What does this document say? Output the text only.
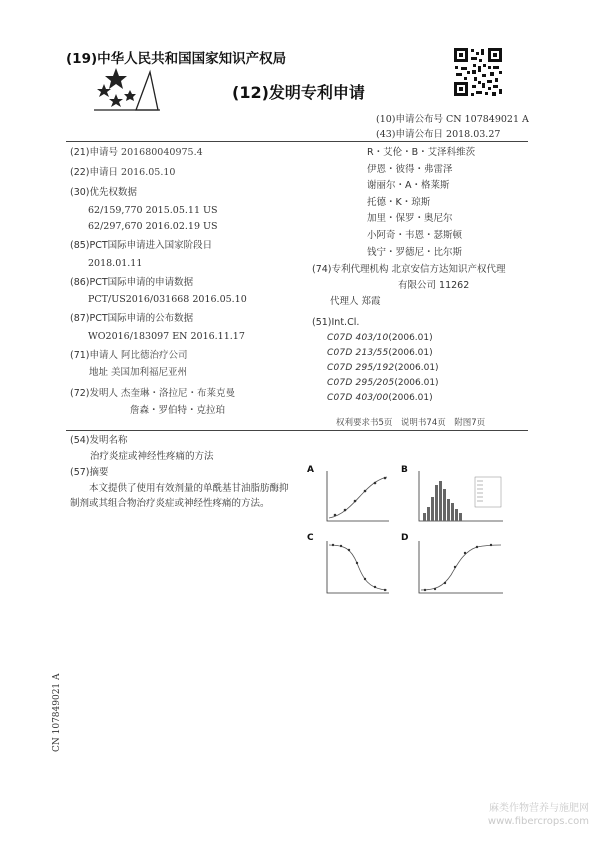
(19)中华人民共和国国家知识产权局
(12)发明专利申请
(10)申请公布号 CN 107849021 A
(43)申请公布日 2018.03.27
(21)申请号 201680040975.4
(22)申请日 2016.05.10
(30)优先权数据
62/159,770 2015.05.11 US
62/297,670 2016.02.19 US
(85)PCT国际申请进入国家阶段日
2018.01.11
(86)PCT国际申请的申请数据
PCT/US2016/031668 2016.05.10
(87)PCT国际申请的公布数据
WO2016/183097 EN 2016.11.17
(71)申请人 阿比德治疗公司
地址 美国加利福尼亚州
(72)发明人 杰奎琳・洛拉尼・布莱克曼
詹森・罗伯特・克拉珀
R・艾伦・B・艾泽科维茨
伊恩・彼得・弗雷泽
谢丽尔・A・格莱斯
托德・K・琼斯
加里・保罗・奥尼尔
小阿奇・韦恩・瑟斯顿
钱宁・罗德尼・比尔斯
(74)专利代理机构 北京安信方达知识产权代理
有限公司 11262
代理人 郑霞
(51)Int.Cl.
C07D 403/10(2006.01)
C07D 213/55(2006.01)
C07D 295/192(2006.01)
C07D 295/205(2006.01)
C07D 403/00(2006.01)
权利要求书5页　说明书74页　附图7页
(54)发明名称
治疗炎症或神经性疼痛的方法
(57)摘要
本文提供了使用有效剂量的单酰基甘油脂肪酶抑制剂或其组合物治疗炎症或神经性疼痛的方法。
A	B
C	D
CN 107849021 A
麻类作物营养与施肥网
www.fibercrops.com
